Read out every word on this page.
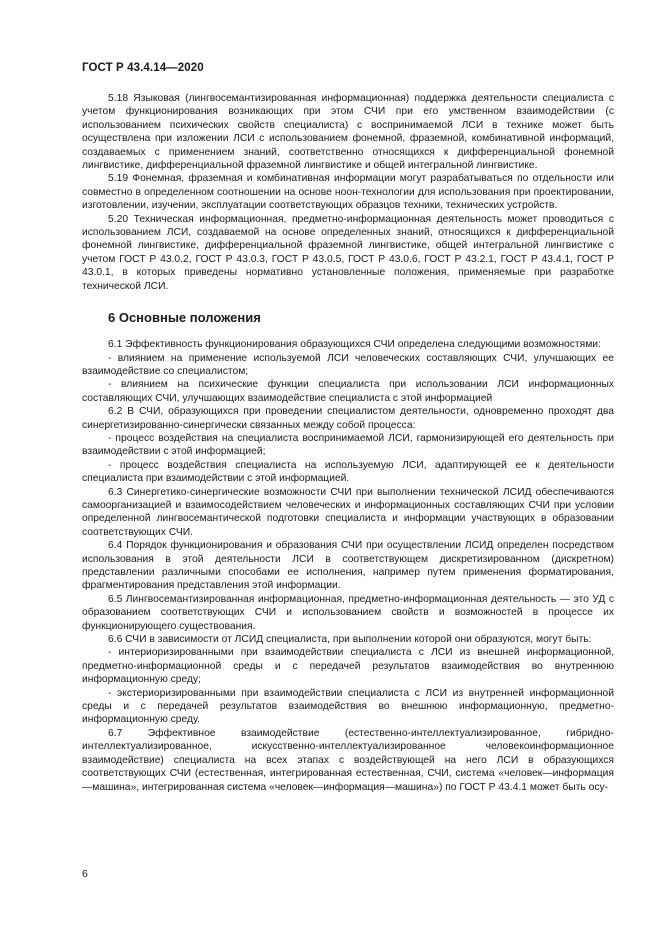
ГОСТ Р 43.4.14—2020

5.18 Языковая (лингвосемантизированная информационная) поддержка деятельности специалиста с учетом функционирования возникающих при этом СЧИ при его умственном взаимодействии (с использованием психических свойств специалиста) с воспринимаемой ЛСИ в технике может быть осуществлена при изложении ЛСИ с использованием фонемной, фраземной, комбинативной информаций, создаваемых с применением знаний, соответственно относящихся к дифференциальной фонемной лингвистике, дифференциальной фраземной лингвистике и общей интегральной лингвистике.

5.19 Фонемная, фраземная и комбинативная информации могут разрабатываться по отдельности или совместно в определенном соотношении на основе ноон-технологии для использования при проектировании, изготовлении, изучении, эксплуатации соответствующих образцов техники, технических устройств.

5.20 Техническая информационная, предметно-информационная деятельность может проводиться с использованием ЛСИ, создаваемой на основе определенных знаний, относящихся к дифференциальной фонемной лингвистике, дифференциальной фраземной лингвистике, общей интегральной лингвистике с учетом ГОСТ Р 43.0.2, ГОСТ Р 43.0.3, ГОСТ Р 43.0.5, ГОСТ Р 43.0.6, ГОСТ Р 43.2.1, ГОСТ Р 43.4.1, ГОСТ Р 43.0.1, в которых приведены нормативно установленные положения, применяемые при разработке технической ЛСИ.

6 Основные положения

6.1 Эффективность функционирования образующихся СЧИ определена следующими возможностями:

- влиянием на применение используемой ЛСИ человеческих составляющих СЧИ, улучшающих ее взаимодействие со специалистом;

- влиянием на психические функции специалиста при использовании ЛСИ информационных составляющих СЧИ, улучшающих взаимодействие специалиста с этой информацией

6.2 В СЧИ, образующихся при проведении специалистом деятельности, одновременно проходят два синергетизированно-синергически связанных между собой процесса:

- процесс воздействия на специалиста воспринимаемой ЛСИ, гармонизирующей его деятельность при взаимодействии с этой информацией;

- процесс воздействия специалиста на используемую ЛСИ, адаптирующей ее к деятельности специалиста при взаимодействии с этой информацией.

6.3 Синергетико-синергические возможности СЧИ при выполнении технической ЛСИД обеспечиваются самоорганизацией и взаимосодействием человеческих и информационных составляющих СЧИ при условии определенной лингвосемантической подготовки специалиста и информации участвующих в образовании соответствующих СЧИ.

6.4 Порядок функционирования и образования СЧИ при осуществлении ЛСИД определен посредством использования в этой деятельности ЛСИ в соответствующем дискретизированном (дискретном) представлении различными способами ее исполнения, например путем применения форматирования, фрагментирования представления этой информации.

6.5 Лингвосемантизированная информационная, предметно-информационная деятельность — это УД с образованием соответствующих СЧИ и использованием свойств и возможностей в процессе их функционирующего существования.

6.6 СЧИ в зависимости от ЛСИД специалиста, при выполнении которой они образуются, могут быть:

- интериоризированными при взаимодействии специалиста с ЛСИ из внешней информационной, предметно-информационной среды и с передачей результатов взаимодействия во внутреннюю информационную среду;

- экстериоризированными при взаимодействии специалиста с ЛСИ из внутренней информационной среды и с передачей результатов взаимодействия во внешнюю информационную, предметно-информационную среду.

6.7 Эффективное взаимодействие (естественно-интеллектуализированное, гибридно-интеллектуализированное, искусственно-интеллектуализированное человекоинформационное взаимодействие) специалиста на всех этапах с воздействующей на него ЛСИ в образующихся соответствующих СЧИ (естественная, интегрированная естественная, СЧИ, система «человек—информация—машина», интегрированная система «человек—информация—машина») по ГОСТ Р 43.4.1 может быть осу-

6
